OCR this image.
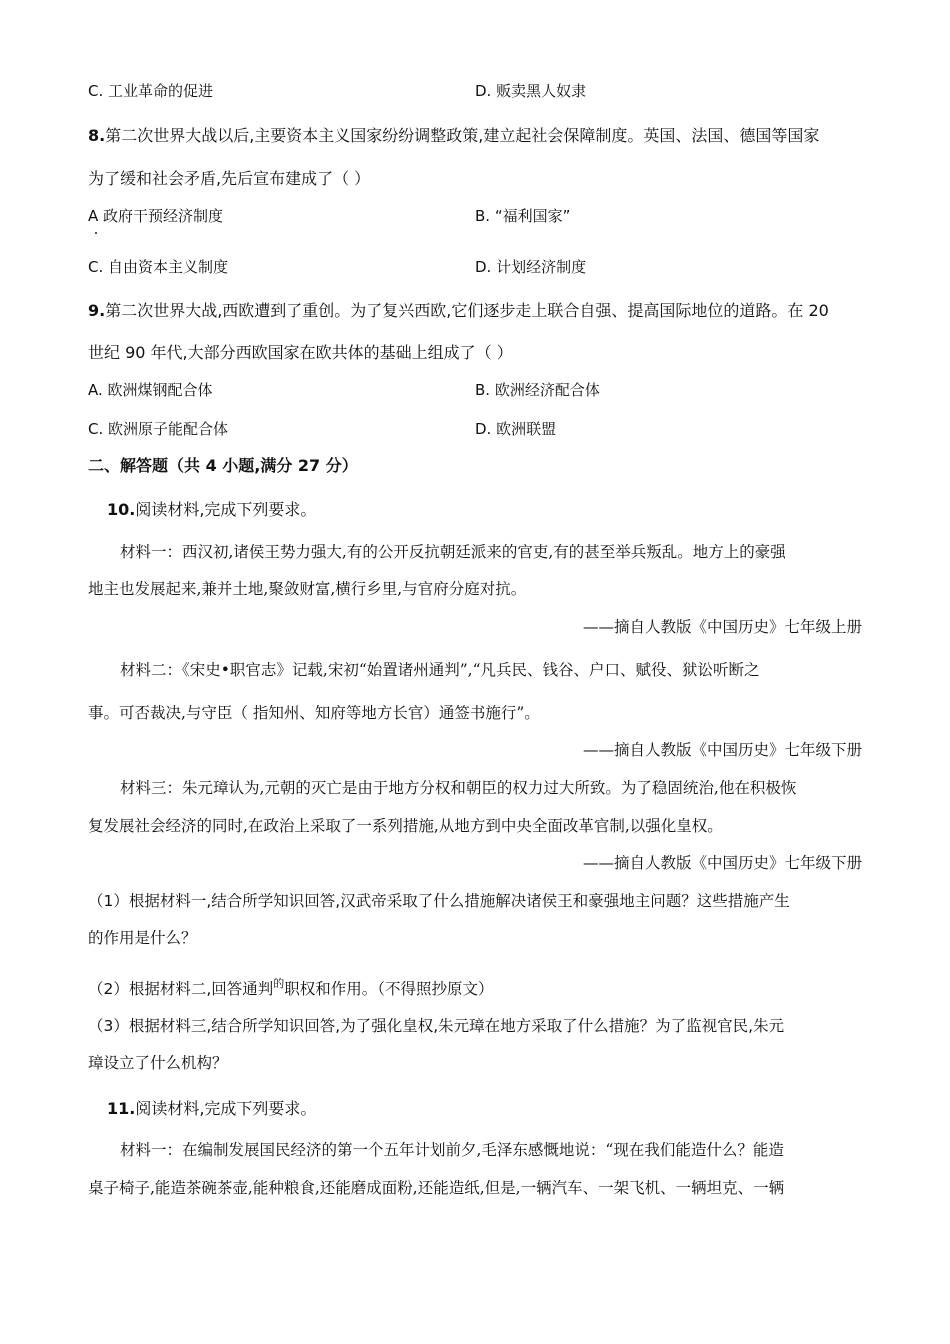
C. 工业革命的促进	D. 贩卖黑人奴隶
8.第二次世界大战以后,主要资本主义国家纷纷调整政策,建立起社会保障制度。英国、法国、德国等国家
为了缓和社会矛盾,先后宣布建成了（ ）
A 政府干预经济制度	B. “福利国家”
C. 自由资本主义制度	D. 计划经济制度
9.第二次世界大战,西欧遭到了重创。为了复兴西欧,它们逐步走上联合自强、提高国际地位的道路。在 20
世纪 90 年代,大部分西欧国家在欧共体的基础上组成了（ ）
A. 欧洲煤钢配合体	B. 欧洲经济配合体
C. 欧洲原子能配合体	D. 欧洲联盟
二、解答题（共 4 小题,满分 27 分）
10.阅读材料,完成下列要求。
材料一：西汉初,诸侯王势力强大,有的公开反抗朝廷派来的官吏,有的甚至举兵叛乱。地方上的豪强
地主也发展起来,兼并土地,聚敛财富,横行乡里,与官府分庭对抗。
——摘自人教版《中国历史》七年级上册
材料二：《宋史•职官志》记载,宋初“始置诸州通判”,“凡兵民、钱谷、户口、赋役、狱讼听断之
事。可否裁决,与守臣（ 指知州、知府等地方长官）通签书施行”。
——摘自人教版《中国历史》七年级下册
材料三：朱元璋认为,元朝的灭亡是由于地方分权和朝臣的权力过大所致。为了稳固统治,他在积极恢
复发展社会经济的同时,在政治上采取了一系列措施,从地方到中央全面改革官制,以强化皇权。
——摘自人教版《中国历史》七年级下册
（1）根据材料一,结合所学知识回答,汉武帝采取了什么措施解决诸侯王和豪强地主问题？这些措施产生
的作用是什么？
（2）根据材料二,回答通判$^的$职权和作用。（不得照抄原文）
（3）根据材料三,结合所学知识回答,为了强化皇权,朱元璋在地方采取了什么措施？为了监视官民,朱元
璋设立了什么机构？
11.阅读材料,完成下列要求。
材料一：在编制发展国民经济的第一个五年计划前夕,毛泽东感慨地说：“现在我们能造什么？能造
桌子椅子,能造茶碗茶壶,能种粮食,还能磨成面粉,还能造纸,但是,一辆汽车、一架飞机、一辆坦克、一辆
